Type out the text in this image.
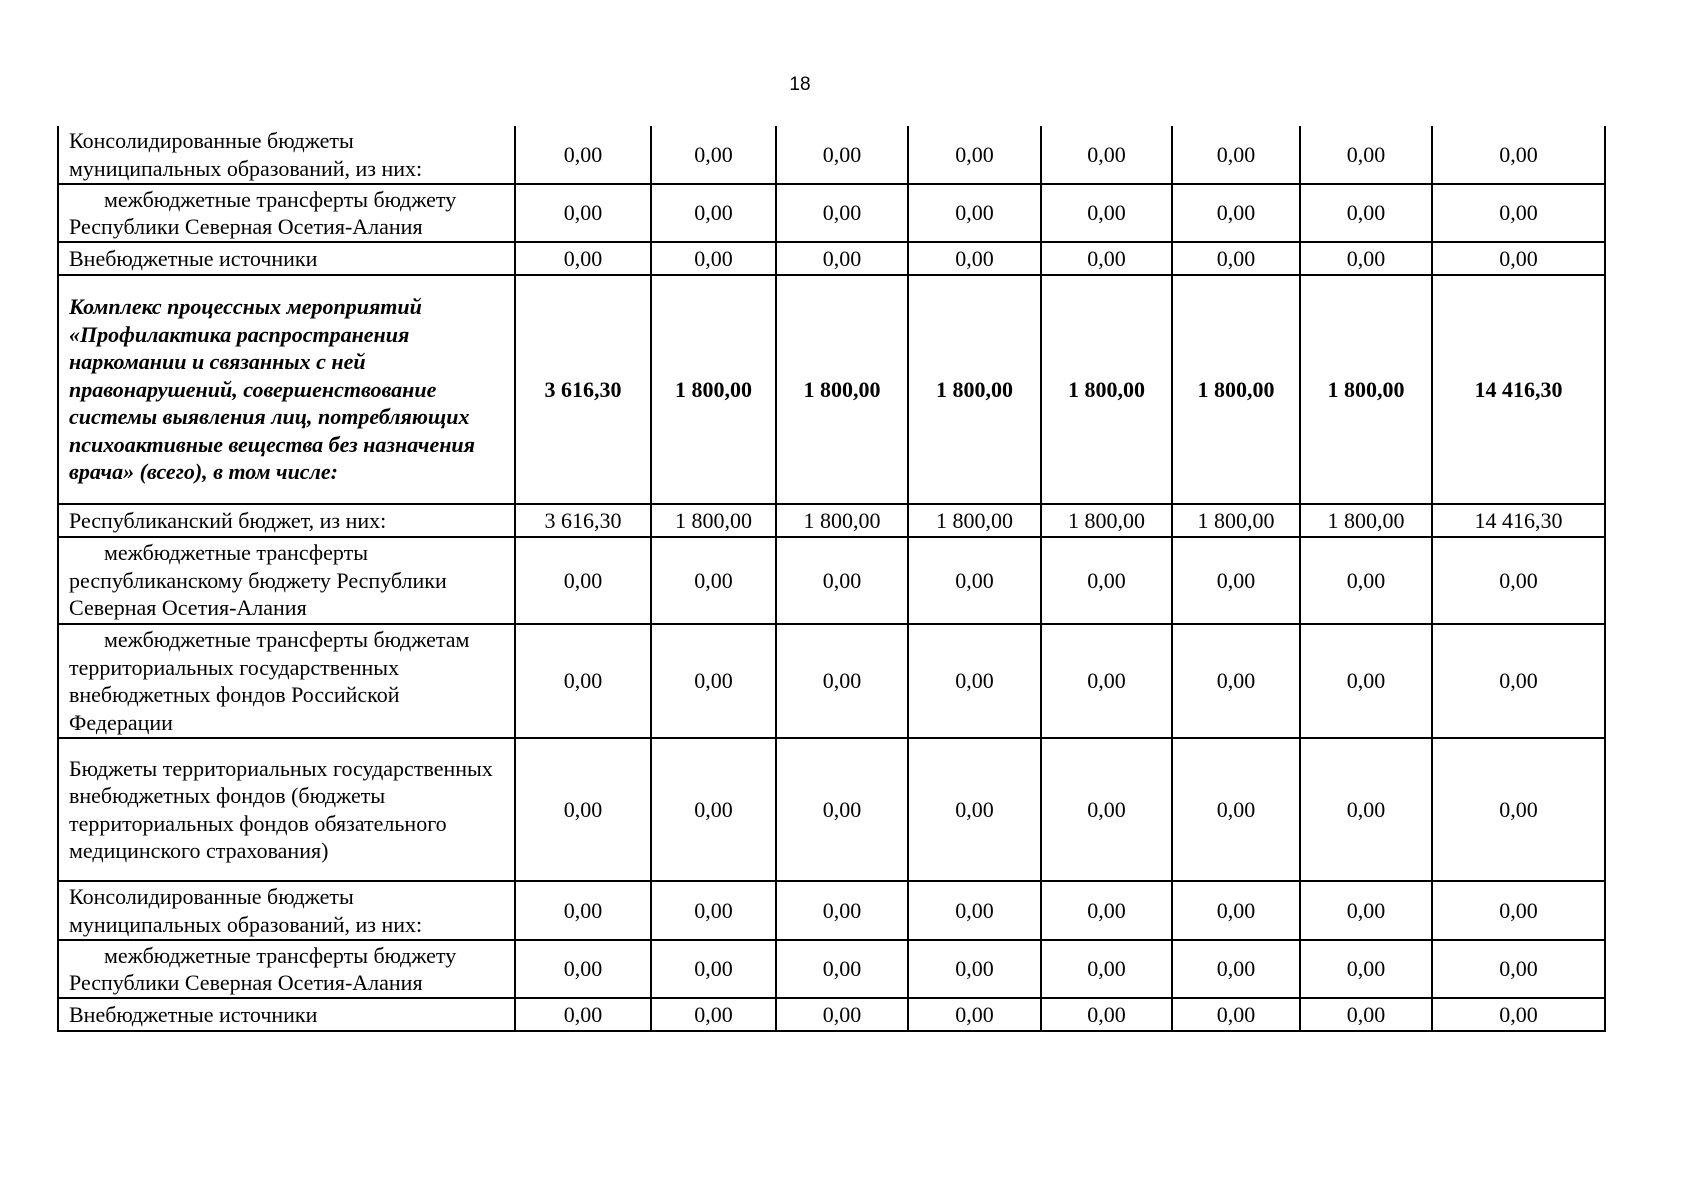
18
Консолидированные бюджеты муниципальных образований, из них:	0,00	0,00	0,00	0,00	0,00	0,00	0,00	0,00
межбюджетные трансферты бюджету Республики Северная Осетия-Алания	0,00	0,00	0,00	0,00	0,00	0,00	0,00	0,00
Внебюджетные источники	0,00	0,00	0,00	0,00	0,00	0,00	0,00	0,00
Комплекс процессных мероприятий «Профилактика распространения наркомании и связанных с ней правонарушений, совершенствование системы выявления лиц, потребляющих психоактивные вещества без назначения врача» (всего), в том числе:	3 616,30	1 800,00	1 800,00	1 800,00	1 800,00	1 800,00	1 800,00	14 416,30
Республиканский бюджет, из них:	3 616,30	1 800,00	1 800,00	1 800,00	1 800,00	1 800,00	1 800,00	14 416,30
межбюджетные трансферты республиканскому бюджету Республики Северная Осетия-Алания	0,00	0,00	0,00	0,00	0,00	0,00	0,00	0,00
межбюджетные трансферты бюджетам территориальных государственных внебюджетных фондов Российской Федерации	0,00	0,00	0,00	0,00	0,00	0,00	0,00	0,00
Бюджеты территориальных государственных внебюджетных фондов (бюджеты территориальных фондов обязательного медицинского страхования)	0,00	0,00	0,00	0,00	0,00	0,00	0,00	0,00
Консолидированные бюджеты муниципальных образований, из них:	0,00	0,00	0,00	0,00	0,00	0,00	0,00	0,00
межбюджетные трансферты бюджету Республики Северная Осетия-Алания	0,00	0,00	0,00	0,00	0,00	0,00	0,00	0,00
Внебюджетные источники	0,00	0,00	0,00	0,00	0,00	0,00	0,00	0,00
